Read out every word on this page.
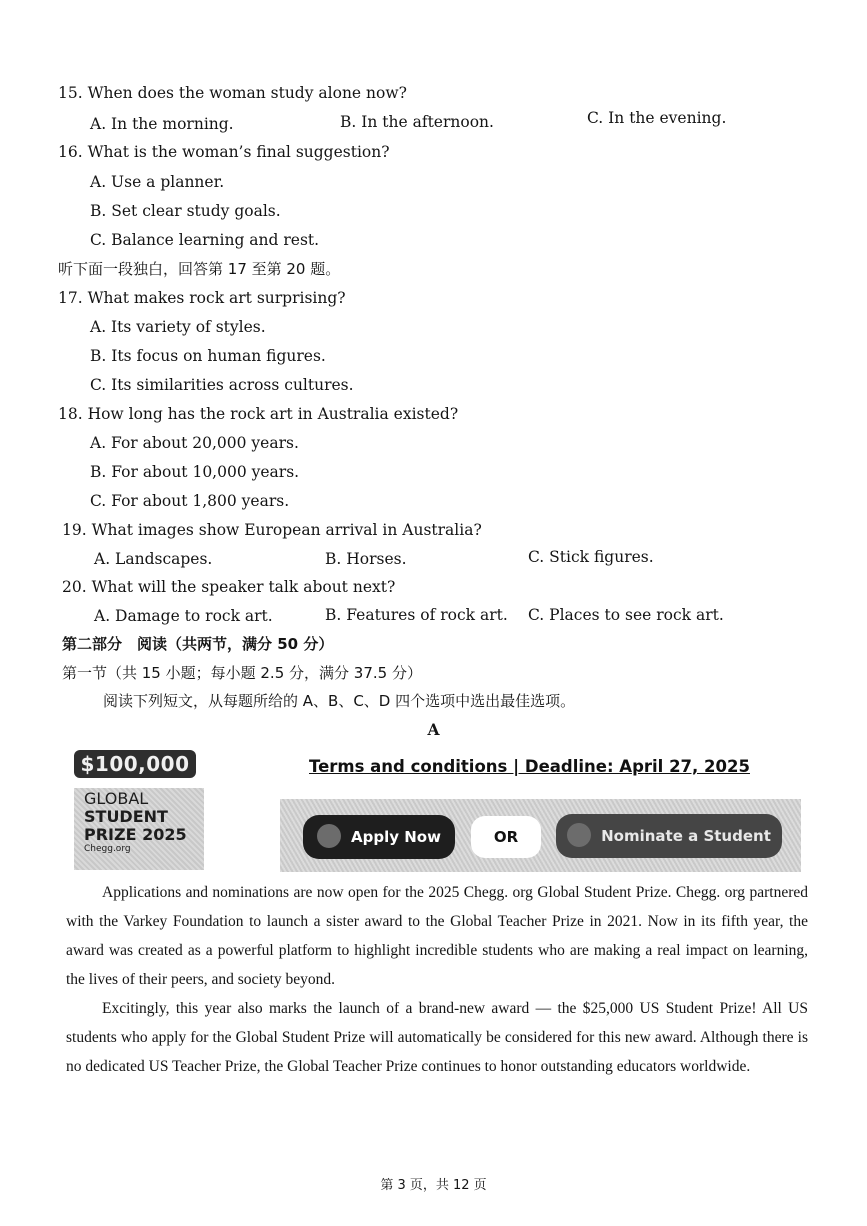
15. When does the woman study alone now?
A. In the morning.	B. In the afternoon.	C. In the evening.
16. What is the woman’s final suggestion?
A. Use a planner.
B. Set clear study goals.
C. Balance learning and rest.
听下面一段独白，回答第 17 至第 20 题。
17. What makes rock art surprising?
A. Its variety of styles.
B. Its focus on human figures.
C. Its similarities across cultures.
18. How long has the rock art in Australia existed?
A. For about 20,000 years.
B. For about 10,000 years.
C. For about 1,800 years.
19. What images show European arrival in Australia?
A. Landscapes.	B. Horses.	C. Stick figures.
20. What will the speaker talk about next?
A. Damage to rock art.	B. Features of rock art. C. Places to see rock art.
第二部分　阅读（共两节，满分 50 分）
第一节（共 15 小题；每小题 2.5 分，满分 37.5 分）
阅读下列短文，从每题所给的 A、B、C、D 四个选项中选出最佳选项。
A
$100,000
GLOBAL
STUDENT
PRIZE 2025
Chegg.org
Terms and conditions | Deadline: April 27, 2025
Apply Now	OR	Nominate a Student

Applications and nominations are now open for the 2025 Chegg. org Global Student Prize. Chegg. org partnered with the Varkey Foundation to launch a sister award to the Global Teacher Prize in 2021. Now in its fifth year, the award was created as a powerful platform to highlight incredible students who are making a real impact on learning, the lives of their peers, and society beyond.

Excitingly, this year also marks the launch of a brand-new award — the $25,000 US Student Prize! All US students who apply for the Global Student Prize will automatically be considered for this new award. Although there is no dedicated US Teacher Prize, the Global Teacher Prize continues to honor outstanding educators worldwide.

第 3 页，共 12 页
